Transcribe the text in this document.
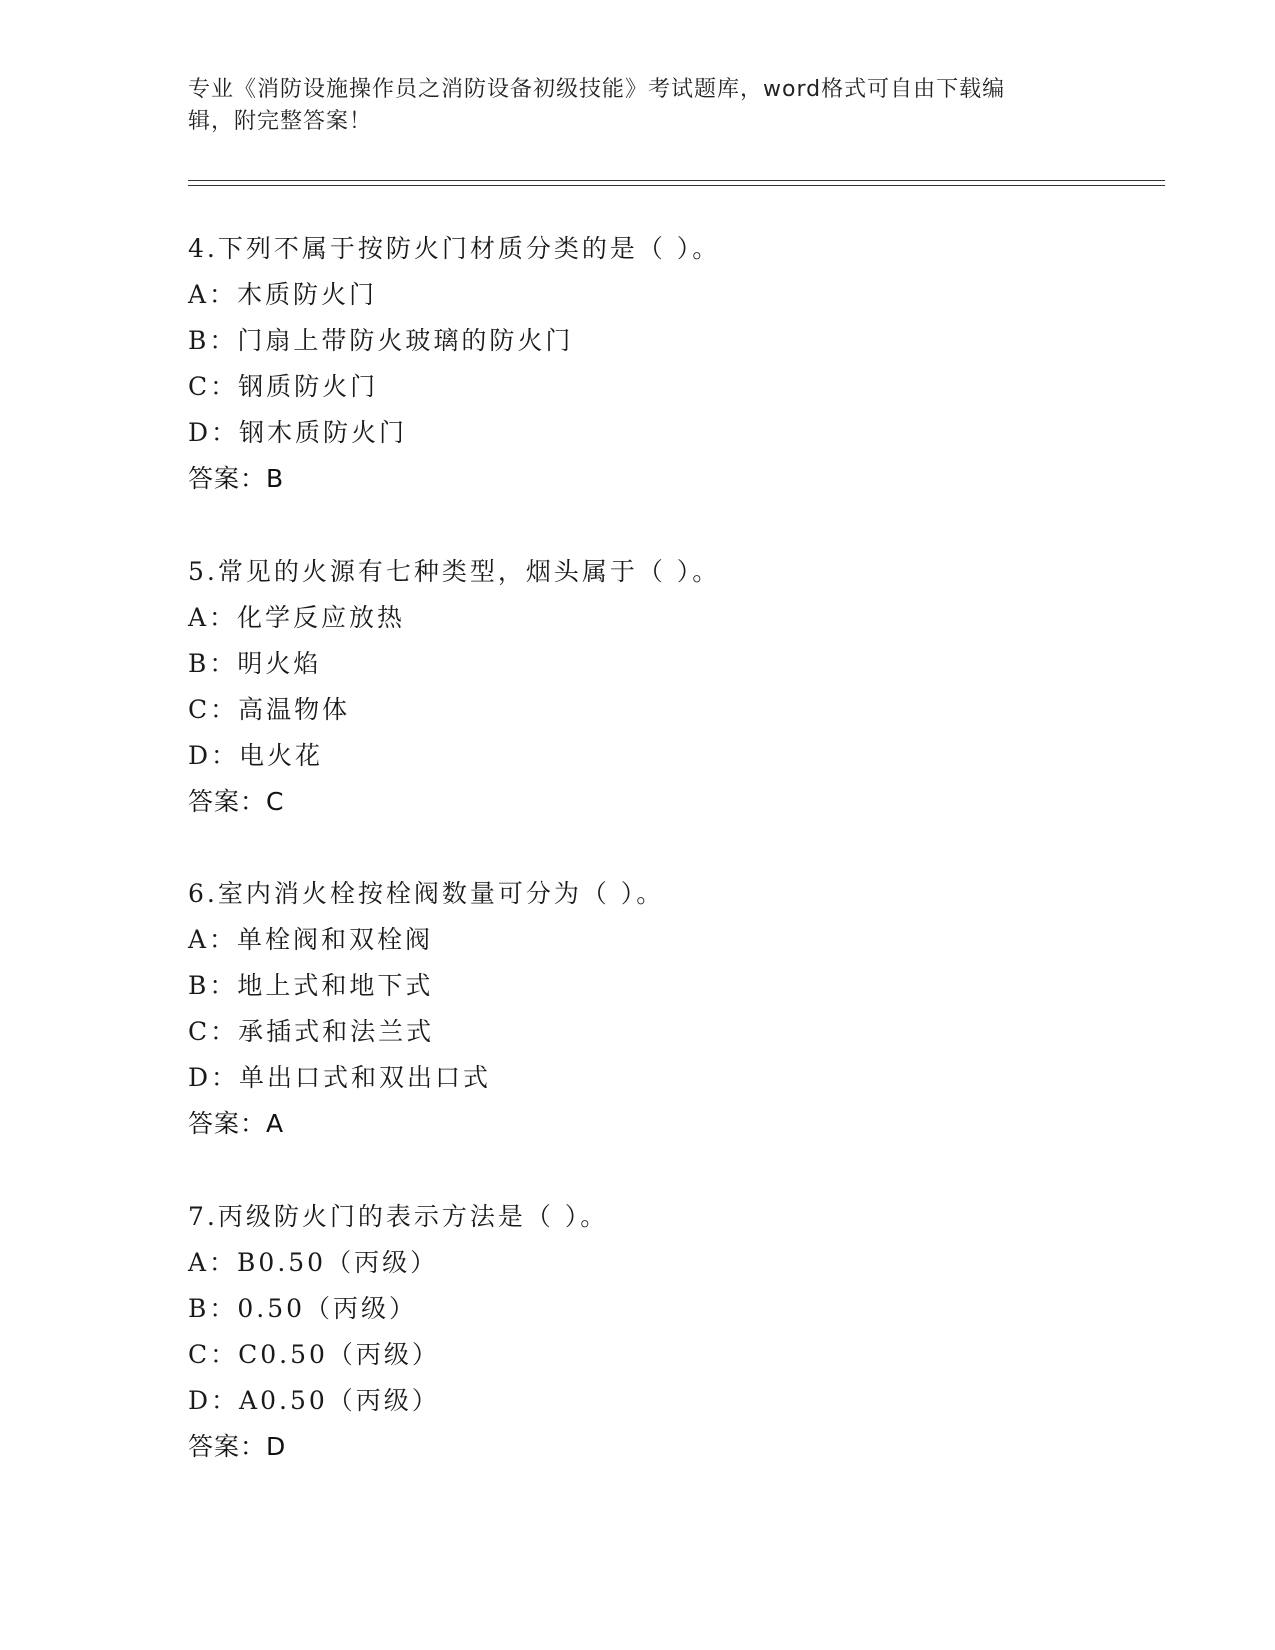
专业《消防设施操作员之消防设备初级技能》考试题库，word格式可自由下载编
辑，附完整答案！
4.下列不属于按防火门材质分类的是（ ）。
A：木质防火门
B：门扇上带防火玻璃的防火门
C：钢质防火门
D：钢木质防火门
答案：B
5.常见的火源有七种类型，烟头属于（ ）。
A：化学反应放热
B：明火焰
C：高温物体
D：电火花
答案：C
6.室内消火栓按栓阀数量可分为（ ）。
A：单栓阀和双栓阀
B：地上式和地下式
C：承插式和法兰式
D：单出口式和双出口式
答案：A
7.丙级防火门的表示方法是（ ）。
A：B0.50（丙级）
B：0.50（丙级）
C：C0.50（丙级）
D：A0.50（丙级）
答案：D
